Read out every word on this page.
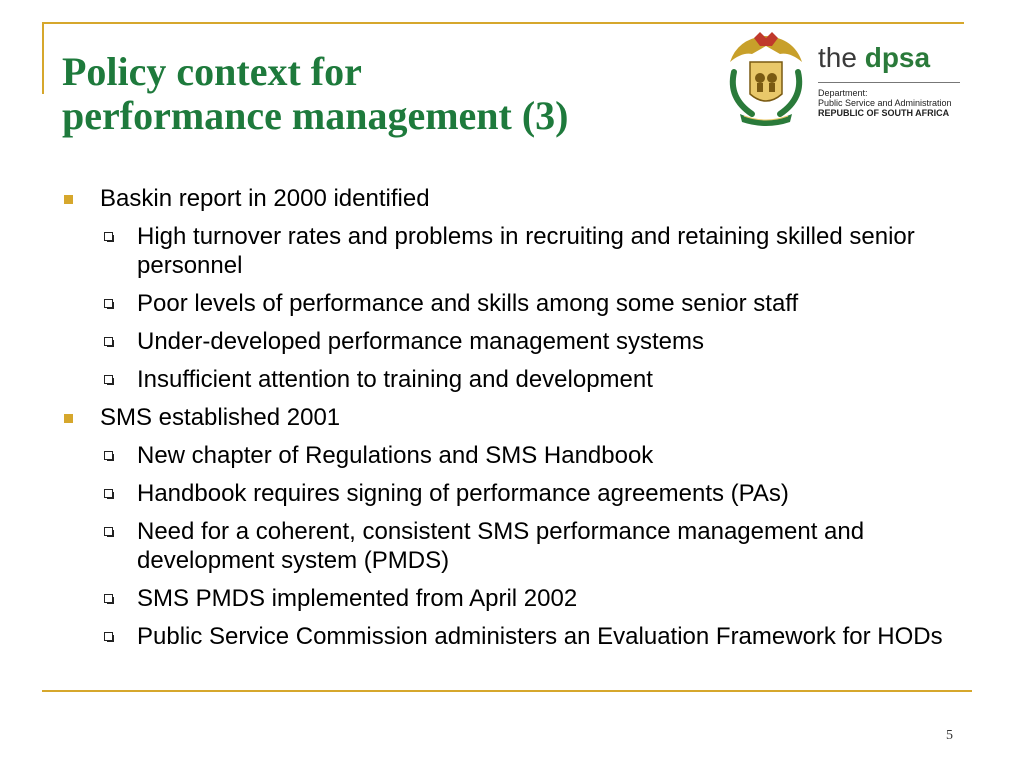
Policy context for
performance management (3)
the dpsa
Department:
Public Service and Administration
REPUBLIC OF SOUTH AFRICA
Baskin report in 2000 identified
High turnover rates and problems in recruiting and retaining skilled senior personnel
Poor levels of performance and skills among some senior staff
Under-developed performance management systems
Insufficient attention to training and development
SMS established 2001
New chapter of Regulations and SMS Handbook
Handbook requires signing of performance agreements (PAs)
Need for a coherent, consistent SMS performance management and development system (PMDS)
SMS PMDS implemented from April 2002
Public Service Commission administers an Evaluation Framework for HODs
5
